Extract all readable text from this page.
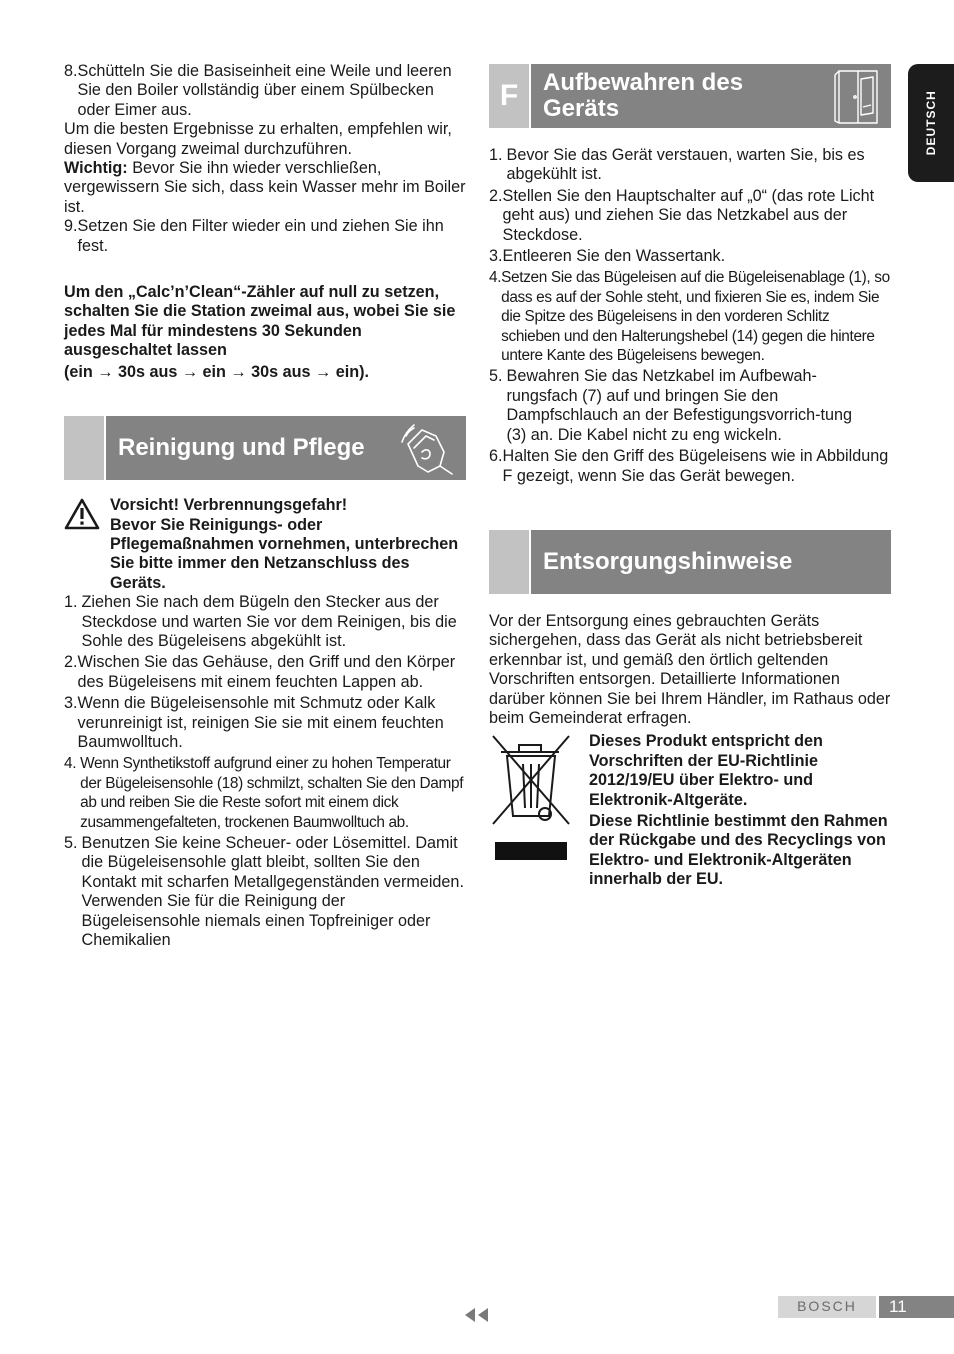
DEUTSCH
8. Schütteln Sie die Basiseinheit eine Weile und leeren Sie den Boiler vollständig über einem Spülbecken oder Eimer aus.

Um die besten Ergebnisse zu erhalten, empfehlen wir, diesen Vorgang zweimal durchzuführen.

Wichtig: Bevor Sie ihn wieder verschließen, vergewissern Sie sich, dass kein Wasser mehr im Boiler ist.

9. Setzen Sie den Filter wieder ein und ziehen Sie ihn fest.

Um den „Calc’n’Clean“-Zähler auf null zu setzen, schalten Sie die Station zweimal aus, wobei Sie sie jedes Mal für mindestens 30 Sekunden ausgeschaltet lassen

(ein → 30s aus → ein → 30s aus → ein).

Reinigung und Pflege

Vorsicht! Verbrennungsgefahr!

Bevor Sie Reinigungs- oder Pflegemaßnahmen vornehmen, unterbrechen Sie bitte immer den Netzanschluss des Geräts.

1. Ziehen Sie nach dem Bügeln den Stecker aus der Steckdose und warten Sie vor dem Reinigen, bis die Sohle des Bügeleisens abgekühlt ist.
2. Wischen Sie das Gehäuse, den Griff und den Körper des Bügeleisens mit einem feuchten Lappen ab.
3. Wenn die Bügeleisensohle mit Schmutz oder Kalk verunreinigt ist, reinigen Sie sie mit einem feuchten Baumwolltuch.
4. Wenn Synthetikstoff aufgrund einer zu hohen Temperatur der Bügeleisensohle (18) schmilzt, schalten Sie den Dampf ab und reiben Sie die Reste sofort mit einem dick zusammengefalteten, trockenen Baumwolltuch ab.
5. Benutzen Sie keine Scheuer- oder Lösemittel. Damit die Bügeleisensohle glatt bleibt, sollten Sie den Kontakt mit scharfen Metallgegenständen vermeiden. Verwenden Sie für die Reinigung der Bügeleisensohle niemals einen Topfreiniger oder Chemikalien
F	Aufbewahren des Geräts
1. Bevor Sie das Gerät verstauen, warten Sie, bis es abgekühlt ist.
2. Stellen Sie den Hauptschalter auf „0“ (das rote Licht geht aus) und ziehen Sie das Netzkabel aus der Steckdose.
3. Entleeren Sie den Wassertank.
4. Setzen Sie das Bügeleisen auf die Bügeleisenablage (1), so dass es auf der Sohle steht, und fixieren Sie es, indem Sie die Spitze des Bügeleisens in den vorderen Schlitz schieben und den Halterungshebel (14) gegen die hintere untere Kante des Bügeleisens bewegen.
5. Bewahren Sie das Netzkabel im Aufbewah-rungsfach (7) auf und bringen Sie den Dampfschlauch an der Befestigungsvorrich-tung (3) an. Die Kabel nicht zu eng wickeln.
6. Halten Sie den Griff des Bügeleisens wie in Abbildung F gezeigt, wenn Sie das Gerät bewegen.
Entsorgungshinweise

Vor der Entsorgung eines gebrauchten Geräts sichergehen, dass das Gerät als nicht betriebsbereit erkennbar ist, und gemäß den örtlich geltenden Vorschriften entsorgen. Detaillierte Informationen darüber können Sie bei Ihrem Händler, im Rathaus oder beim Gemeinderat erfragen.

Dieses Produkt entspricht den Vorschriften der EU-Richtlinie 2012/19/EU über Elektro- und Elektronik-Altgeräte.

Diese Richtlinie bestimmt den Rahmen der Rückgabe und des Recyclings von Elektro- und Elektronik-Altgeräten innerhalb der EU.

BOSCH	11
